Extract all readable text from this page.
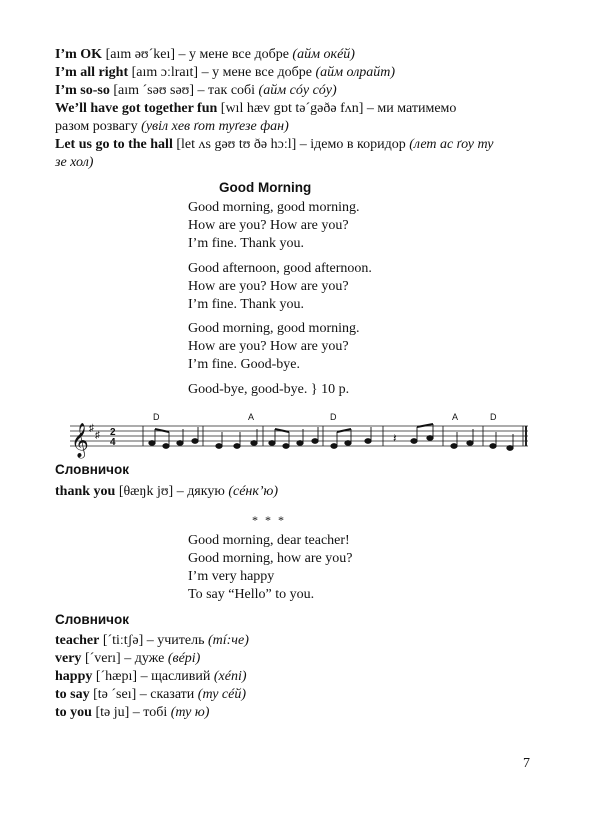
I’m OK [aım əʊˊkeı] – у мене все добре (айм окéй)
I’m all right [aım ɔːlraıt] – у мене все добре (айм олрайт)
I’m so-so [aım ˊsəʊ səʊ] – так собі (айм сóу сóу)
We’ll have got together fun [wıl hæv gɒt təˊgəðə fʌn] – ми матимемо
разом розвагу (увіл хев ґот туґезе фан)
Let us go to the hall [let ʌs gəʊ tʊ ðə hɔːl] – ідемо в коридор (лет ас ґоу ту
зе хол)
Good Morning
Good morning, good morning.
How are you? How are you?
I’m fine. Thank you.
Good afternoon, good afternoon.
How are you? How are you?
I’m fine. Thank you.
Good morning, good morning.
How are you? How are you?
I’m fine. Good-bye.
Good-bye, good-bye. } 10 р.
𝄞 ♯
♯ 2
4
D	A	D	A	D
𝄽
Словничок
thank you [θæŋk jʊ] – дякую (сéнк’ю)
* * *
Good morning, dear teacher!
Good morning, how are you?
I’m very happy
To say “Hello” to you.
Словничок
teacher [ˊtiːtʃə] – учитель (тí:че)
very [ˊverı] – дуже (вéрі)
happy [ˊhæpı] – щасливий (хéпі)
to say [tə ˊseı] – сказати (ту сéй)
to you [tə ju] – тобі (ту ю)
7
